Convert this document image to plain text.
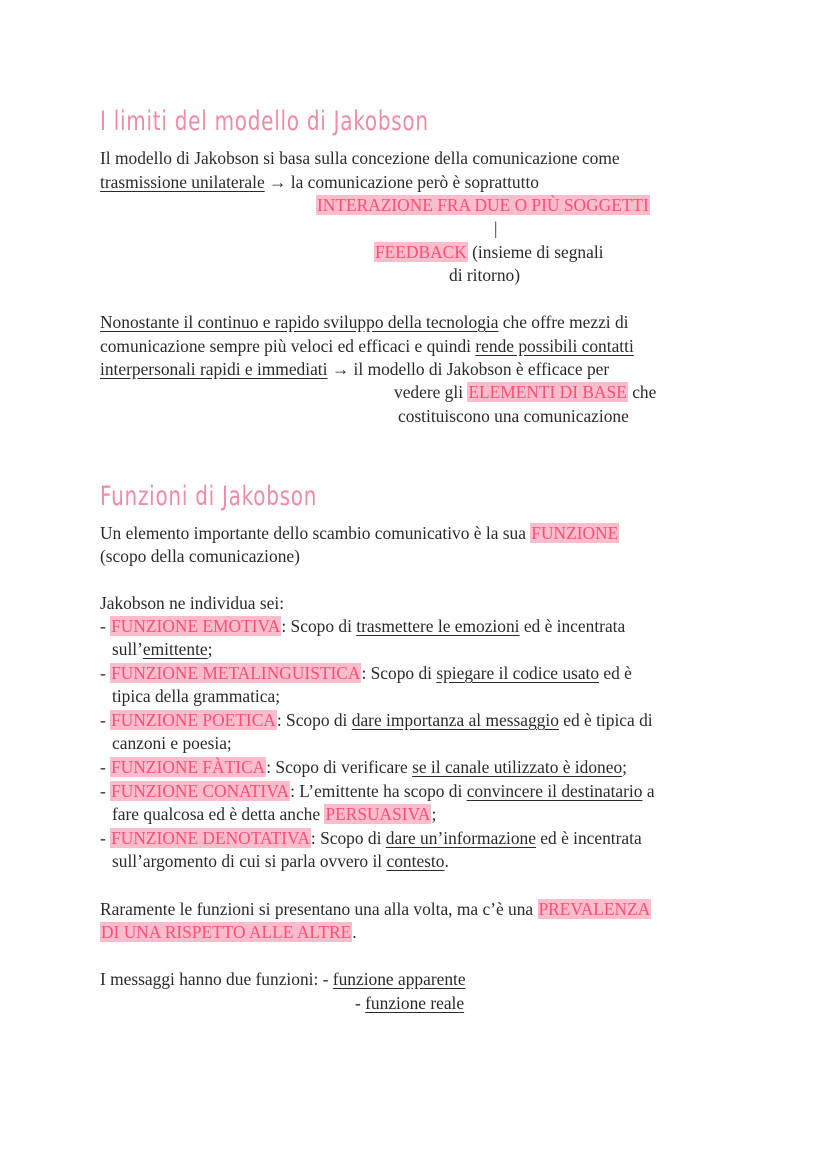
I limiti del modello di Jakobson
Il modello di Jakobson si basa sulla concezione della comunicazione come
trasmissione unilaterale → la comunicazione però è soprattutto
INTERAZIONE FRA DUE O PIÙ SOGGETTI
|
FEEDBACK (insieme di segnali
di ritorno)
Nonostante il continuo e rapido sviluppo della tecnologia che offre mezzi di
comunicazione sempre più veloci ed efficaci e quindi rende possibili contatti
interpersonali rapidi e immediati → il modello di Jakobson è efficace per
vedere gli ELEMENTI DI BASE che
costituiscono una comunicazione
Funzioni di Jakobson
Un elemento importante dello scambio comunicativo è la sua FUNZIONE
(scopo della comunicazione)
Jakobson ne individua sei:
- FUNZIONE EMOTIVA: Scopo di trasmettere le emozioni ed è incentrata
sull’emittente;
- FUNZIONE METALINGUISTICA: Scopo di spiegare il codice usato ed è
tipica della grammatica;
- FUNZIONE POETICA: Scopo di dare importanza al messaggio ed è tipica di
canzoni e poesia;
- FUNZIONE FÀTICA: Scopo di verificare se il canale utilizzato è idoneo;
- FUNZIONE CONATIVA: L’emittente ha scopo di convincere il destinatario a
fare qualcosa ed è detta anche PERSUASIVA;
- FUNZIONE DENOTATIVA: Scopo di dare un’informazione ed è incentrata
sull’argomento di cui si parla ovvero il contesto.
Raramente le funzioni si presentano una alla volta, ma c’è una PREVALENZA
DI UNA RISPETTO ALLE ALTRE.
I messaggi hanno due funzioni: - funzione apparente
- funzione reale
